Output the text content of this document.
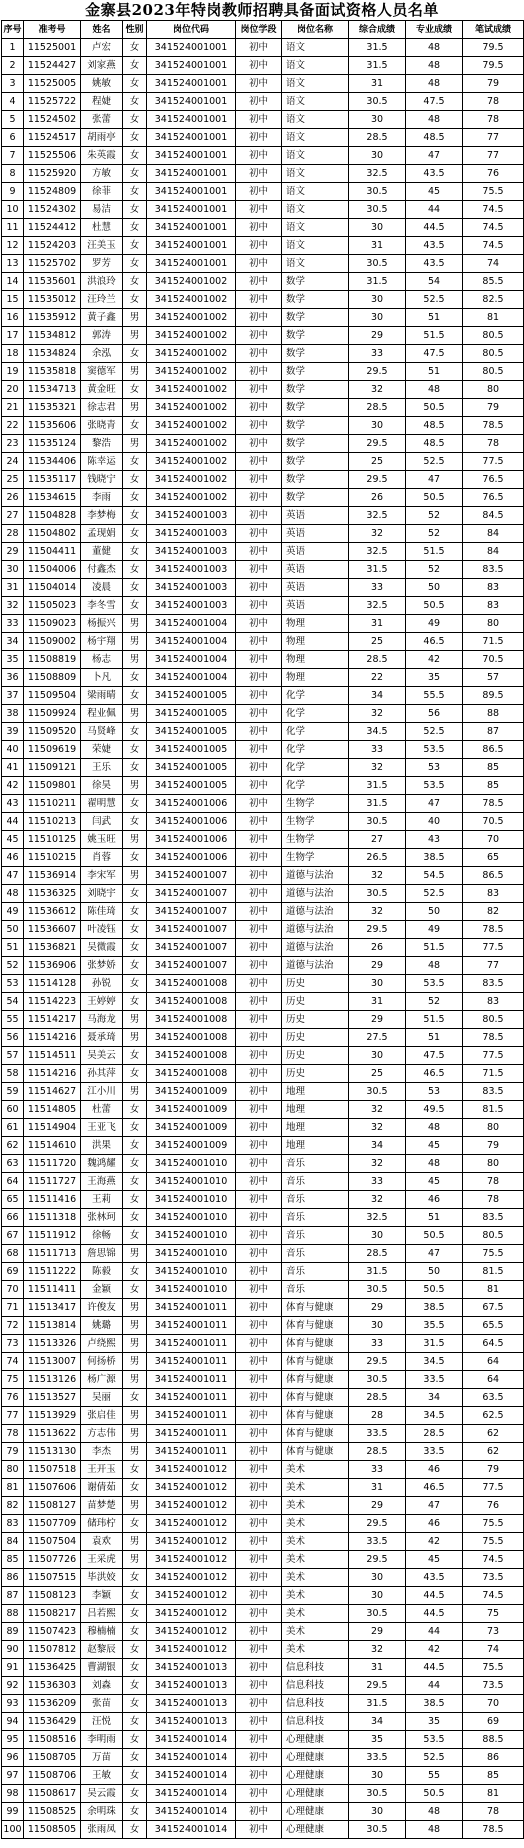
金寨县2023年特岗教师招聘具备面试资格人员名单
序号	准考号	姓名	性别	岗位代码	岗位学段	岗位名称	综合成绩	专业成绩	笔试成绩
1	11525001	卢宏	女	341524001001	初中	语文	31.5	48	79.5
2	11524427	刘家燕	女	341524001001	初中	语文	31.5	48	79.5
3	11525005	姚敏	女	341524001001	初中	语文	31	48	79
4	11525722	程婕	女	341524001001	初中	语文	30.5	47.5	78
5	11524502	张蕾	女	341524001001	初中	语文	30	48	78
6	11524517	胡雨亭	女	341524001001	初中	语文	28.5	48.5	77
7	11525506	朱英霞	女	341524001001	初中	语文	30	47	77
8	11525920	方敏	女	341524001001	初中	语文	32.5	43.5	76
9	11524809	徐菲	女	341524001001	初中	语文	30.5	45	75.5
10	11524302	易洁	女	341524001001	初中	语文	30.5	44	74.5
11	11524412	杜慧	女	341524001001	初中	语文	30	44.5	74.5
12	11524203	汪美玉	女	341524001001	初中	语文	31	43.5	74.5
13	11525702	罗芳	女	341524001001	初中	语文	30.5	43.5	74
14	11535601	洪浪玲	女	341524001002	初中	数学	31.5	54	85.5
15	11535012	汪玲兰	女	341524001002	初中	数学	30	52.5	82.5
16	11535912	黄子鑫	男	341524001002	初中	数学	30	51	81
17	11534812	郭涛	男	341524001002	初中	数学	29	51.5	80.5
18	11534824	余泓	女	341524001002	初中	数学	33	47.5	80.5
19	11535818	窦德军	男	341524001002	初中	数学	29.5	51	80.5
20	11534713	黄金旺	女	341524001002	初中	数学	32	48	80
21	11535321	徐志君	男	341524001002	初中	数学	28.5	50.5	79
22	11535606	张晓青	女	341524001002	初中	数学	30	48.5	78.5
23	11535124	黎浩	男	341524001002	初中	数学	29.5	48.5	78
24	11534406	陈幸运	女	341524001002	初中	数学	25	52.5	77.5
25	11535117	钱晓宁	女	341524001002	初中	数学	29.5	47	76.5
26	11534615	李雨	女	341524001002	初中	数学	26	50.5	76.5
27	11504828	李梦梅	女	341524001003	初中	英语	32.5	52	84.5
28	11504802	孟现娟	女	341524001003	初中	英语	32	52	84
29	11504411	董健	女	341524001003	初中	英语	32.5	51.5	84
30	11504006	付鑫杰	女	341524001003	初中	英语	31.5	52	83.5
31	11504014	凌晨	女	341524001003	初中	英语	33	50	83
32	11505023	李冬雪	女	341524001003	初中	英语	32.5	50.5	83
33	11509023	杨振兴	男	341524001004	初中	物理	31	49	80
34	11509002	杨宇翔	男	341524001004	初中	物理	25	46.5	71.5
35	11508819	杨志	男	341524001004	初中	物理	28.5	42	70.5
36	11508809	卜凡	女	341524001004	初中	物理	22	35	57
37	11509504	梁雨晴	女	341524001005	初中	化学	34	55.5	89.5
38	11509924	程业佩	男	341524001005	初中	化学	32	56	88
39	11509520	马贤峰	女	341524001005	初中	化学	34.5	52.5	87
40	11509619	荣婕	女	341524001005	初中	化学	33	53.5	86.5
41	11509121	王乐	女	341524001005	初中	化学	32	53	85
42	11509801	徐昊	男	341524001005	初中	化学	31.5	53.5	85
43	11510211	翟明慧	女	341524001006	初中	生物学	31.5	47	78.5
44	11510213	闫武	女	341524001006	初中	生物学	30.5	40	70.5
45	11510125	姚玉旺	男	341524001006	初中	生物学	27	43	70
46	11510215	肖蓉	女	341524001006	初中	生物学	26.5	38.5	65
47	11536914	李宋军	男	341524001007	初中	道德与法治	32	54.5	86.5
48	11536325	刘晓宇	女	341524001007	初中	道德与法治	30.5	52.5	83
49	11536612	陈佳琦	女	341524001007	初中	道德与法治	32	50	82
50	11536607	叶凌钰	女	341524001007	初中	道德与法治	29.5	49	78.5
51	11536821	吴微霞	女	341524001007	初中	道德与法治	26	51.5	77.5
52	11536906	张梦娇	女	341524001007	初中	道德与法治	29	48	77
53	11514128	孙锐	女	341524001008	初中	历史	30	53.5	83.5
54	11514223	王婷婷	女	341524001008	初中	历史	31	52	83
55	11514217	马海龙	男	341524001008	初中	历史	29	51.5	80.5
56	11514216	聂承琦	男	341524001008	初中	历史	27.5	51	78.5
57	11514511	吴美云	女	341524001008	初中	历史	30	47.5	77.5
58	11514216	孙其萍	女	341524001008	初中	历史	25	46.5	71.5
59	11514627	江小川	男	341524001009	初中	地理	30.5	53	83.5
60	11514805	杜蕾	女	341524001009	初中	地理	32	49.5	81.5
61	11514904	王亚飞	女	341524001009	初中	地理	32	48	80
62	11514610	洪果	女	341524001009	初中	地理	34	45	79
63	11511720	魏鸿耀	女	341524001010	初中	音乐	32	48	80
64	11511727	王海燕	女	341524001010	初中	音乐	33	45	78
65	11511416	王莉	女	341524001010	初中	音乐	32	46	78
66	11511318	张林珂	女	341524001010	初中	音乐	32.5	51	83.5
67	11511912	徐畅	女	341524001010	初中	音乐	30	50.5	80.5
68	11511713	詹思锦	男	341524001010	初中	音乐	28.5	47	75.5
69	11511222	陈毅	女	341524001010	初中	音乐	31.5	50	81.5
70	11511411	金颖	女	341524001010	初中	音乐	30.5	50.5	81
71	11513417	许俊友	男	341524001011	初中	体育与健康	29	38.5	67.5
72	11513814	姚璐	男	341524001011	初中	体育与健康	30	35.5	65.5
73	11513326	卢绕熙	男	341524001011	初中	体育与健康	33	31.5	64.5
74	11513007	何扬桥	男	341524001011	初中	体育与健康	29.5	34.5	64
75	11513126	杨广源	男	341524001011	初中	体育与健康	30.5	33.5	64
76	11513527	吴丽	女	341524001011	初中	体育与健康	28.5	34	63.5
77	11513929	张启佳	男	341524001011	初中	体育与健康	28	34.5	62.5
78	11513622	方志伟	男	341524001011	初中	体育与健康	33.5	28.5	62
79	11513130	李杰	男	341524001011	初中	体育与健康	28.5	33.5	62
80	11507518	王开玉	女	341524001012	初中	美术	33	46	79
81	11507606	谢倩茹	女	341524001012	初中	美术	31	46.5	77.5
82	11508127	苗梦楚	男	341524001012	初中	美术	29	47	76
83	11507709	储玮柠	女	341524001012	初中	美术	29.5	46	75.5
84	11507504	袁欢	男	341524001012	初中	美术	33.5	42	75.5
85	11507726	王采虎	男	341524001012	初中	美术	29.5	45	74.5
86	11507515	毕洪姣	女	341524001012	初中	美术	30	43.5	73.5
87	11508123	李颖	女	341524001012	初中	美术	30	44.5	74.5
88	11508217	吕若熙	女	341524001012	初中	美术	30.5	44.5	75
89	11507423	穆楠楠	女	341524001012	初中	美术	29	44	73
90	11507812	赵黎辰	女	341524001012	初中	美术	32	42	74
91	11536425	曹湖银	女	341524001013	初中	信息科技	31	44.5	75.5
92	11536303	刘森	女	341524001013	初中	信息科技	29.5	44	73.5
93	11536209	张苗	女	341524001013	初中	信息科技	31.5	38.5	70
94	11536429	汪悦	女	341524001013	初中	信息科技	34	35	69
95	11508516	李明雨	女	341524001014	初中	心理健康	35	53.5	88.5
96	11508705	万苗	女	341524001014	初中	心理健康	33.5	52.5	86
97	11508706	王敏	女	341524001014	初中	心理健康	30	55	85
98	11508617	吴云霞	女	341524001014	初中	心理健康	30.5	50.5	81
99	11508525	余明珠	女	341524001014	初中	心理健康	30	48	78
100	11508505	张雨凤	女	341524001014	初中	心理健康	30.5	48	78.5
